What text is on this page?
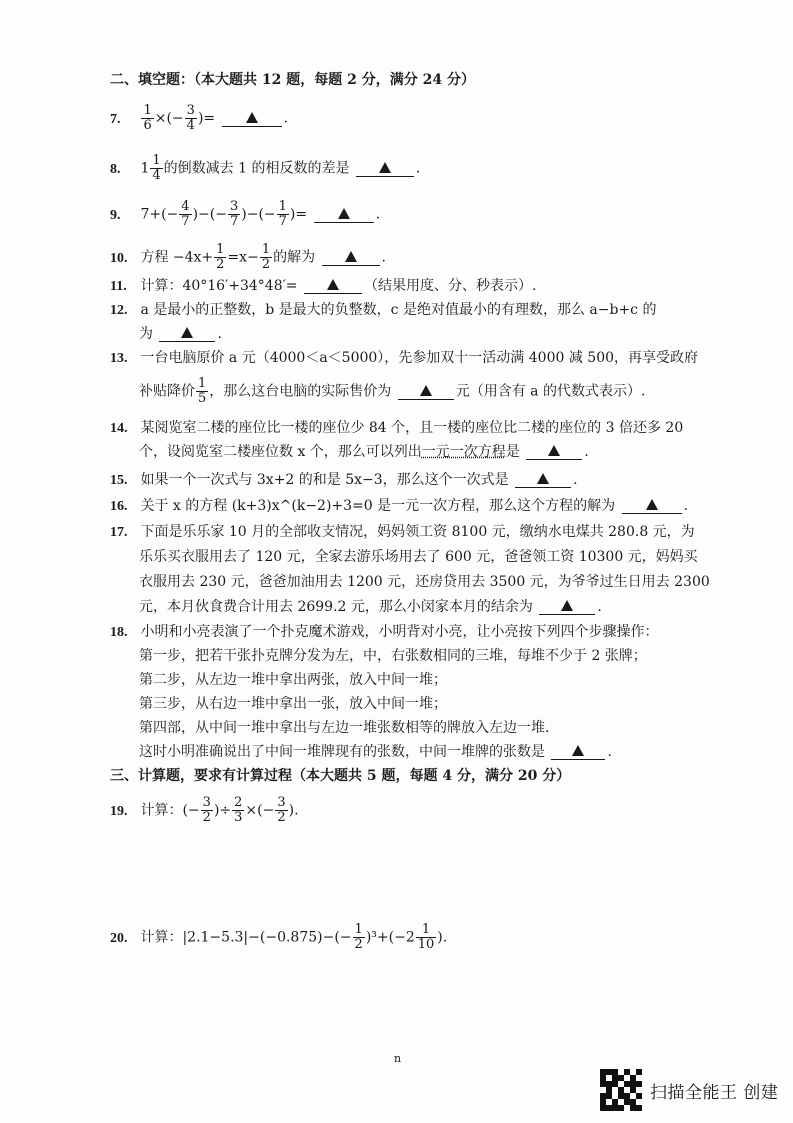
二、填空题：（本大题共 12 题，每题 2 分，满分 24 分）
7. $\frac{1}{6}$ ×(− $\frac{3}{4}$ )=	.
8. $1 \frac{1}{4}$ 的倒数减去 1 的相反数的差是	.
9. $7+(- \frac{4}{7}$ )−(− $\frac{3}{7}$ )−(− $\frac{1}{7}$ )=	.
10. 方程 $-4x+ \frac{1}{2} =x- \frac{1}{2}$ 的解为	.
11. 计算：40°16′+34°48′=	（结果用度、分、秒表示）.
12. a 是最小的正整数，b 是最大的负整数，c 是绝对值最小的有理数，那么 a−b+c 的
为	.
13. 一台电脑原价 a 元（4000＜a＜5000），先参加双十一活动满 4000 减 500，再享受政府
补贴降价 $\frac{1}{5}$ ，那么这台电脑的实际售价为	元（用含有 a 的代数式表示）.
14. 某阅览室二楼的座位比一楼的座位少 84 个，且一楼的座位比二楼的座位的 3 倍还多 20
个，设阅览室二楼座位数 x 个，那么可以列出一元一次方程是	.
15. 如果一个一次式与 3x+2 的和是 5x−3，那么这个一次式是	.
16. 关于 x 的方程 (k+3)x^(k−2)+3=0 是一元一次方程，那么这个方程的解为	.
17. 下面是乐乐家 10 月的全部收支情况，妈妈领工资 8100 元，缴纳水电煤共 280.8 元，为
乐乐买衣服用去了 120 元，全家去游乐场用去了 600 元，爸爸领工资 10300 元，妈妈买
衣服用去 230 元，爸爸加油用去 1200 元，还房贷用去 3500 元，为爷爷过生日用去 2300
元，本月伙食费合计用去 2699.2 元，那么小闵家本月的结余为	.
18. 小明和小亮表演了一个扑克魔术游戏，小明背对小亮，让小亮按下列四个步骤操作：
第一步，把若干张扑克牌分发为左，中，右张数相同的三堆，每堆不少于 2 张牌；
第二步，从左边一堆中拿出两张，放入中间一堆；
第三步，从右边一堆中拿出一张，放入中间一堆；
第四部，从中间一堆中拿出与左边一堆张数相等的牌放入左边一堆．
这时小明准确说出了中间一堆牌现有的张数，中间一堆牌的张数是	.
三、计算题，要求有计算过程（本大题共 5 题，每题 4 分，满分 20 分）
19. 计算：(− $\frac{3}{2}$ )÷ $\frac{2}{3}$ ×(− $\frac{3}{2}$ ).
20. 计算：$|2.1-5.3|-(-0.875)-(- \frac{1}{2} )^3+(-2 \frac{1}{10}$ ).
n
扫描全能王 创建
